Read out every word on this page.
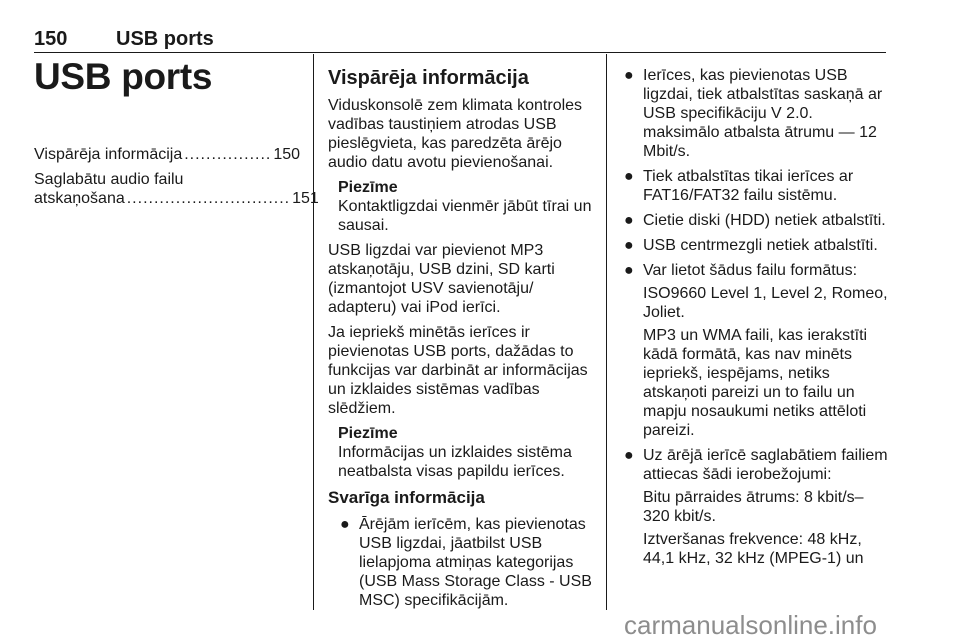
150 USB ports
USB ports
Vispārēja informācija ................ 150
Saglabātu audio failu
atskaņošana .............................. 151
Vispārēja informācija
Viduskonsolē zem klimata kontroles vadības taustiņiem atrodas USB pieslēgvieta, kas paredzēta ārējo audio datu avotu pievienošanai.
Piezīme
Kontaktligzdai vienmēr jābūt tīrai un sausai.
USB ligzdai var pievienot MP3 atskaņotāju, USB dzini, SD karti (izmantojot USV savienotāju/ adapteru) vai iPod ierīci.
Ja iepriekš minētās ierīces ir pievienotas USB ports, dažādas to funkcijas var darbināt ar informācijas un izklaides sistēmas vadības slēdžiem.
Piezīme
Informācijas un izklaides sistēma neatbalsta visas papildu ierīces.
Svarīga informācija
● Ārējām ierīcēm, kas pievienotas USB ligzdai, jāatbilst USB lielapjoma atmiņas kategorijas (USB Mass Storage Class - USB MSC) specifikācijām.
● Ierīces, kas pievienotas USB ligzdai, tiek atbalstītas saskaņā ar USB specifikāciju V 2.0. maksimālo atbalsta ātrumu — 12 Mbit/s.
● Tiek atbalstītas tikai ierīces ar FAT16/FAT32 failu sistēmu.
● Cietie diski (HDD) netiek atbalstīti.
● USB centrmezgli netiek atbalstīti.
● Var lietot šādus failu formātus:
ISO9660 Level 1, Level 2, Romeo, Joliet.
MP3 un WMA faili, kas ierakstīti kādā formātā, kas nav minēts iepriekš, iespējams, netiks atskaņoti pareizi un to failu un mapju nosaukumi netiks attēloti pareizi.
● Uz ārējā ierīcē saglabātiem failiem attiecas šādi ierobežojumi:
Bitu pārraides ātrums: 8 kbit/s– 320 kbit/s.
Iztveršanas frekvence: 48 kHz, 44,1 kHz, 32 kHz (MPEG-1) un
carmanualsonline.info
